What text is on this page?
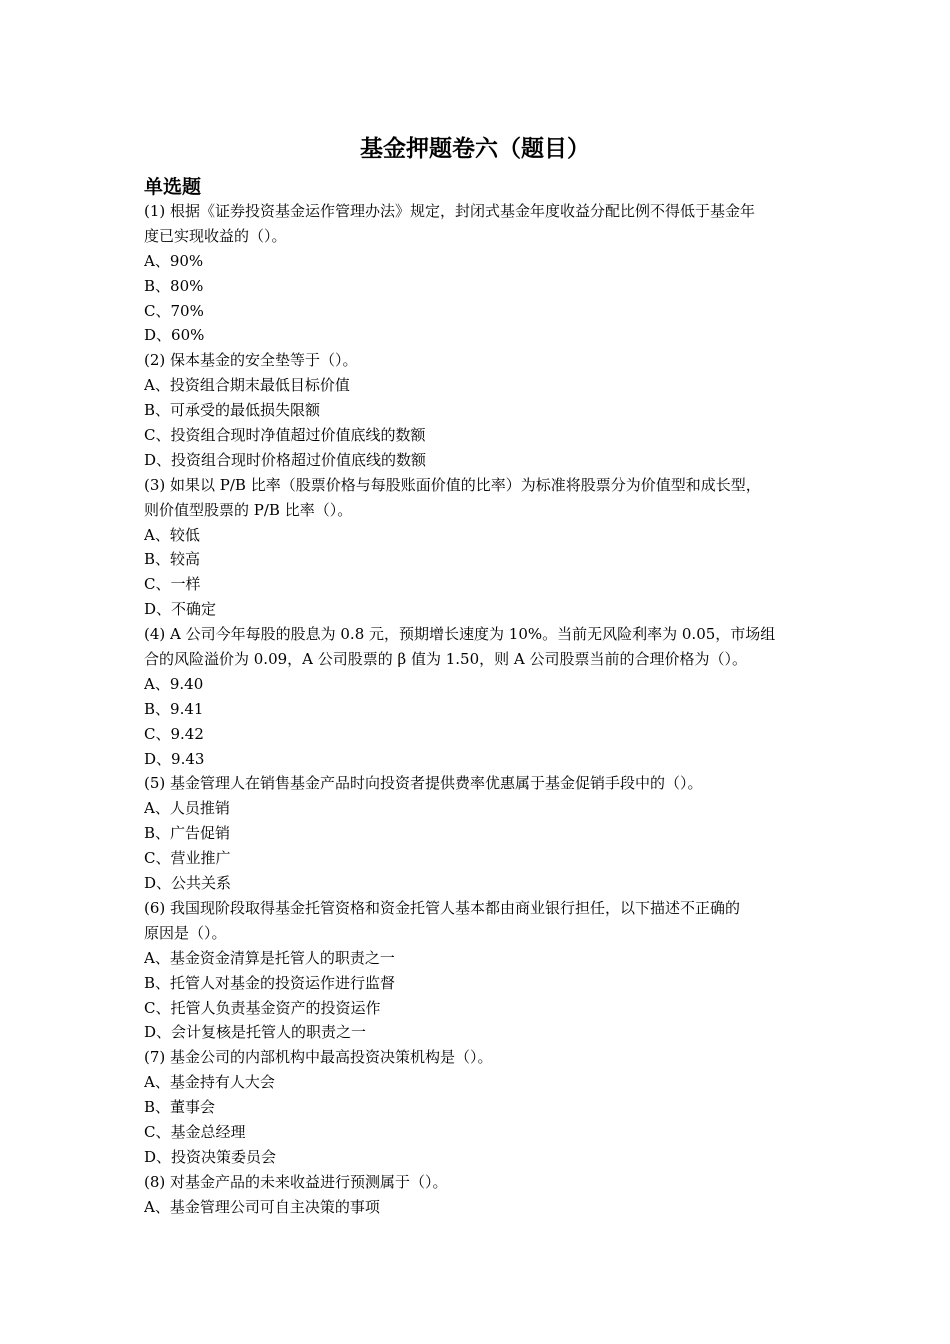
基金押题卷六（题目）
单选题
(1) 根据《证券投资基金运作管理办法》规定，封闭式基金年度收益分配比例不得低于基金年
度已实现收益的（）。
A、90%
B、80%
C、70%
D、60%
(2) 保本基金的安全垫等于（）。
A、投资组合期末最低目标价值
B、可承受的最低损失限额
C、投资组合现时净值超过价值底线的数额
D、投资组合现时价格超过价值底线的数额
(3) 如果以 P/B 比率（股票价格与每股账面价值的比率）为标准将股票分为价值型和成长型，
则价值型股票的 P/B 比率（）。
A、较低
B、较高
C、一样
D、不确定
(4) A 公司今年每股的股息为 0.8 元，预期增长速度为 10%。当前无风险利率为 0.05，市场组
合的风险溢价为 0.09，A 公司股票的 β 值为 1.50，则 A 公司股票当前的合理价格为（）。
A、9.40
B、9.41
C、9.42
D、9.43
(5) 基金管理人在销售基金产品时向投资者提供费率优惠属于基金促销手段中的（）。
A、人员推销
B、广告促销
C、营业推广
D、公共关系
(6) 我国现阶段取得基金托管资格和资金托管人基本都由商业银行担任，以下描述不正确的
原因是（）。
A、基金资金清算是托管人的职责之一
B、托管人对基金的投资运作进行监督
C、托管人负责基金资产的投资运作
D、会计复核是托管人的职责之一
(7) 基金公司的内部机构中最高投资决策机构是（）。
A、基金持有人大会
B、董事会
C、基金总经理
D、投资决策委员会
(8) 对基金产品的未来收益进行预测属于（）。
A、基金管理公司可自主决策的事项
